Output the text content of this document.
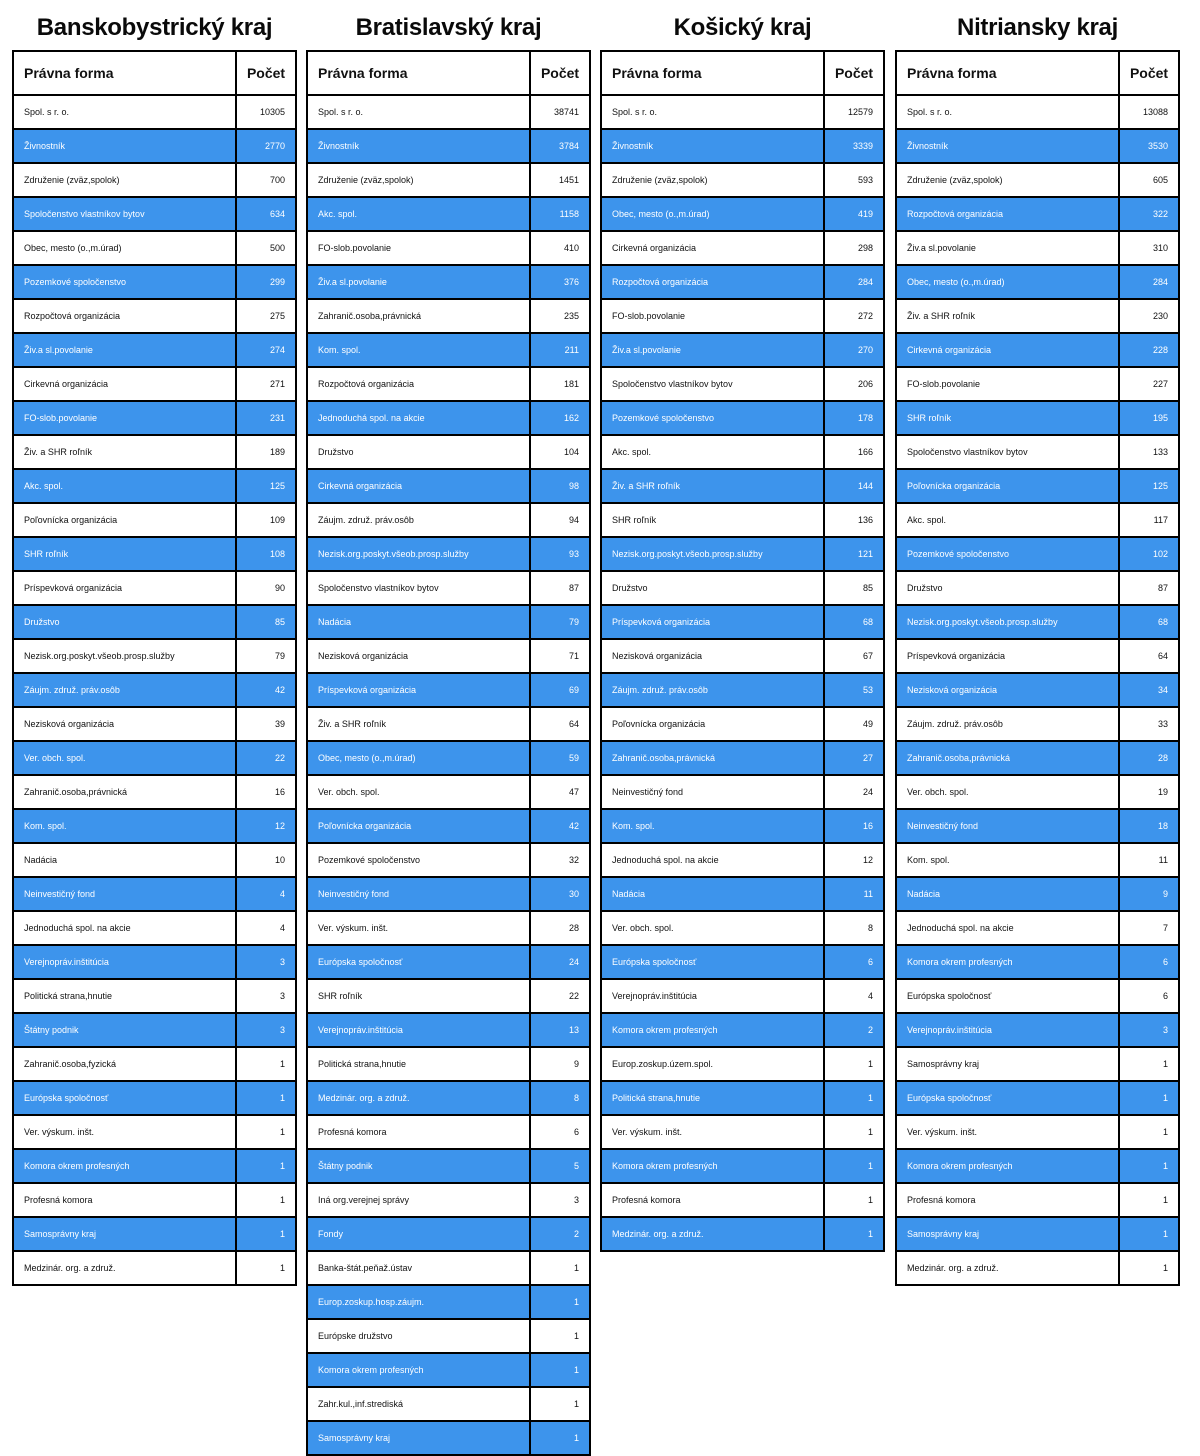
Banskobystrický kraj
Právna forma	Počet
Spol. s r. o.	10305
Živnostník	2770
Združenie (zväz,spolok)	700
Spoločenstvo vlastníkov bytov	634
Obec, mesto (o.,m.úrad)	500
Pozemkové spoločenstvo	299
Rozpočtová organizácia	275
Živ.a sl.povolanie	274
Cirkevná organizácia	271
FO-slob.povolanie	231
Živ. a SHR roľník	189
Akc. spol.	125
Poľovnícka organizácia	109
SHR roľník	108
Príspevková organizácia	90
Družstvo	85
Nezisk.org.poskyt.všeob.prosp.služby	79
Záujm. združ. práv.osôb	42
Nezisková organizácia	39
Ver. obch. spol.	22
Zahranič.osoba,právnická	16
Kom. spol.	12
Nadácia	10
Neinvestičný fond	4
Jednoduchá spol. na akcie	4
Verejnopráv.inštitúcia	3
Politická strana,hnutie	3
Štátny podnik	3
Zahranič.osoba,fyzická	1
Európska spoločnosť	1
Ver. výskum. inšt.	1
Komora okrem profesných	1
Profesná komora	1
Samosprávny kraj	1
Medzinár. org. a združ.	1
Bratislavský kraj
Právna forma	Počet
Spol. s r. o.	38741
Živnostník	3784
Združenie (zväz,spolok)	1451
Akc. spol.	1158
FO-slob.povolanie	410
Živ.a sl.povolanie	376
Zahranič.osoba,právnická	235
Kom. spol.	211
Rozpočtová organizácia	181
Jednoduchá spol. na akcie	162
Družstvo	104
Cirkevná organizácia	98
Záujm. združ. práv.osôb	94
Nezisk.org.poskyt.všeob.prosp.služby	93
Spoločenstvo vlastníkov bytov	87
Nadácia	79
Nezisková organizácia	71
Príspevková organizácia	69
Živ. a SHR roľník	64
Obec, mesto (o.,m.úrad)	59
Ver. obch. spol.	47
Poľovnícka organizácia	42
Pozemkové spoločenstvo	32
Neinvestičný fond	30
Ver. výskum. inšt.	28
Európska spoločnosť	24
SHR roľník	22
Verejnopráv.inštitúcia	13
Politická strana,hnutie	9
Medzinár. org. a združ.	8
Profesná komora	6
Štátny podnik	5
Iná org.verejnej správy	3
Fondy	2
Banka-štát.peňaž.ústav	1
Europ.zoskup.hosp.záujm.	1
Európske družstvo	1
Komora okrem profesných	1
Zahr.kul.,inf.strediská	1
Samosprávny kraj	1
Košický kraj
Právna forma	Počet
Spol. s r. o.	12579
Živnostník	3339
Združenie (zväz,spolok)	593
Obec, mesto (o.,m.úrad)	419
Cirkevná organizácia	298
Rozpočtová organizácia	284
FO-slob.povolanie	272
Živ.a sl.povolanie	270
Spoločenstvo vlastníkov bytov	206
Pozemkové spoločenstvo	178
Akc. spol.	166
Živ. a SHR roľník	144
SHR roľník	136
Nezisk.org.poskyt.všeob.prosp.služby	121
Družstvo	85
Príspevková organizácia	68
Nezisková organizácia	67
Záujm. združ. práv.osôb	53
Poľovnícka organizácia	49
Zahranič.osoba,právnická	27
Neinvestičný fond	24
Kom. spol.	16
Jednoduchá spol. na akcie	12
Nadácia	11
Ver. obch. spol.	8
Európska spoločnosť	6
Verejnopráv.inštitúcia	4
Komora okrem profesných	2
Europ.zoskup.územ.spol.	1
Politická strana,hnutie	1
Ver. výskum. inšt.	1
Komora okrem profesných	1
Profesná komora	1
Medzinár. org. a združ.	1
Nitriansky kraj
Právna forma	Počet
Spol. s r. o.	13088
Živnostník	3530
Združenie (zväz,spolok)	605
Rozpočtová organizácia	322
Živ.a sl.povolanie	310
Obec, mesto (o.,m.úrad)	284
Živ. a SHR roľník	230
Cirkevná organizácia	228
FO-slob.povolanie	227
SHR roľník	195
Spoločenstvo vlastníkov bytov	133
Poľovnícka organizácia	125
Akc. spol.	117
Pozemkové spoločenstvo	102
Družstvo	87
Nezisk.org.poskyt.všeob.prosp.služby	68
Príspevková organizácia	64
Nezisková organizácia	34
Záujm. združ. práv.osôb	33
Zahranič.osoba,právnická	28
Ver. obch. spol.	19
Neinvestičný fond	18
Kom. spol.	11
Nadácia	9
Jednoduchá spol. na akcie	7
Komora okrem profesných	6
Európska spoločnosť	6
Verejnopráv.inštitúcia	3
Samosprávny kraj	1
Európska spoločnosť	1
Ver. výskum. inšt.	1
Komora okrem profesných	1
Profesná komora	1
Samosprávny kraj	1
Medzinár. org. a združ.	1
